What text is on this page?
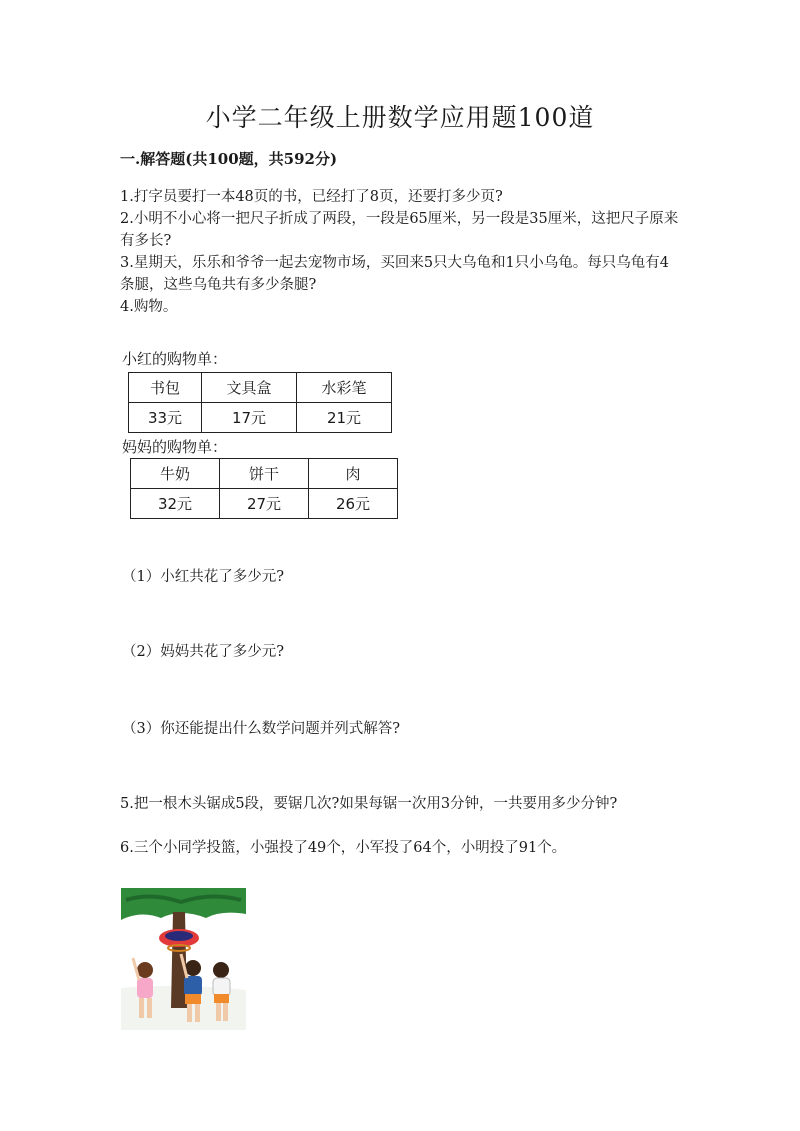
小学二年级上册数学应用题100道
一.解答题(共100题，共592分)
1.打字员要打一本48页的书，已经打了8页，还要打多少页?
2.小明不小心将一把尺子折成了两段，一段是65厘米，另一段是35厘米，这把尺子原来有多长?
3.星期天，乐乐和爷爷一起去宠物市场，买回来5只大乌龟和1只小乌龟。每只乌龟有4条腿，这些乌龟共有多少条腿?
4.购物。
小红的购物单：
书包	文具盒	水彩笔
33元	17元	21元
妈妈的购物单：
牛奶	饼干	肉
32元	27元	26元
（1）小红共花了多少元?
（2）妈妈共花了多少元?
（3）你还能提出什么数学问题并列式解答?
5.把一根木头锯成5段，要锯几次?如果每锯一次用3分钟，一共要用多少分钟?
6.三个小同学投篮，小强投了49个，小军投了64个，小明投了91个。
